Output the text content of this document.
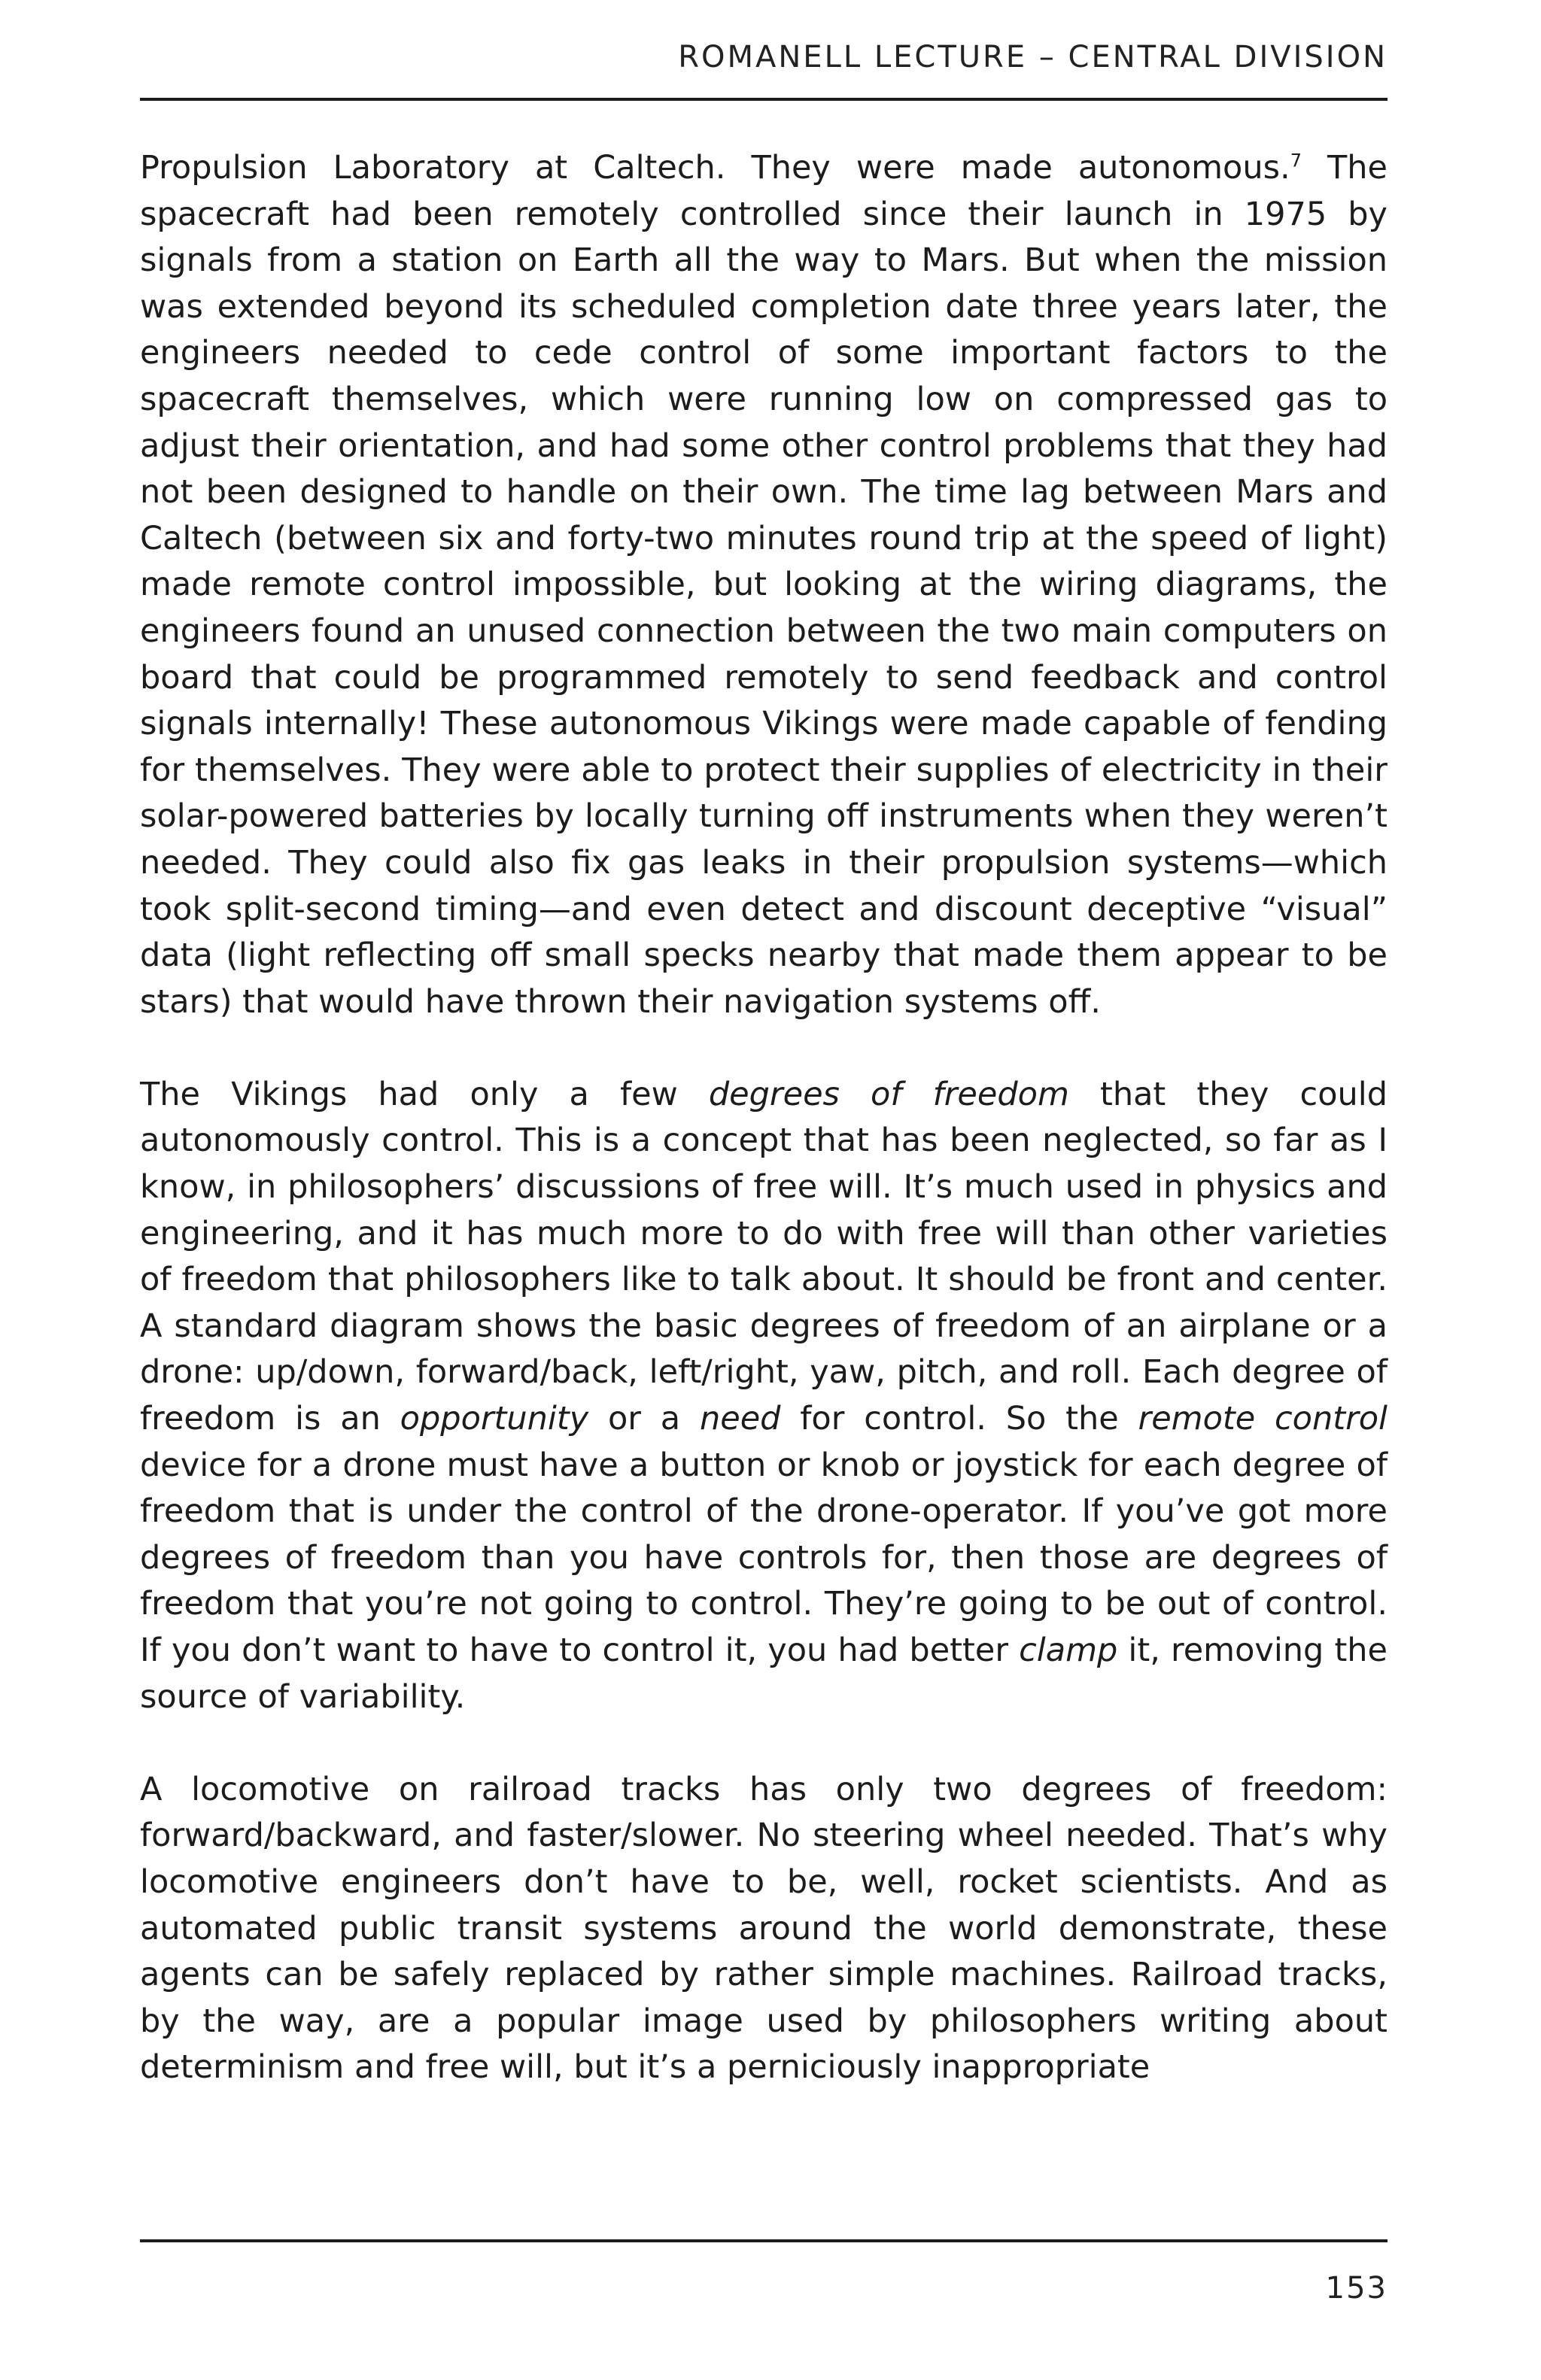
ROMANELL LECTURE – CENTRAL DIVISION

Propulsion Laboratory at Caltech. They were made autonomous.$^7$ The spacecraft had been remotely controlled since their launch in 1975 by signals from a station on Earth all the way to Mars. But when the mission was extended beyond its scheduled completion date three years later, the engineers needed to cede control of some important factors to the spacecraft themselves, which were running low on compressed gas to adjust their orientation, and had some other control problems that they had not been designed to handle on their own. The time lag between Mars and Caltech (between six and forty-two minutes round trip at the speed of light) made remote control impossible, but looking at the wiring diagrams, the engineers found an unused connection between the two main computers on board that could be programmed remotely to send feedback and control signals internally! These autonomous Vikings were made capable of fending for themselves. They were able to protect their supplies of electricity in their solar-powered batteries by locally turning off instruments when they weren’t needed. They could also fix gas leaks in their propulsion systems—which took split-second timing—and even detect and discount deceptive “visual” data (light reflecting off small specks nearby that made them appear to be stars) that would have thrown their navigation systems off.

The Vikings had only a few degrees of freedom that they could autonomously control. This is a concept that has been neglected, so far as I know, in philosophers’ discussions of free will. It’s much used in physics and engineering, and it has much more to do with free will than other varieties of freedom that philosophers like to talk about. It should be front and center. A standard diagram shows the basic degrees of freedom of an airplane or a drone: up/down, forward/back, left/right, yaw, pitch, and roll. Each degree of freedom is an opportunity or a need for control. So the remote control device for a drone must have a button or knob or joystick for each degree of freedom that is under the control of the drone-operator. If you’ve got more degrees of freedom than you have controls for, then those are degrees of freedom that you’re not going to control. They’re going to be out of control. If you don’t want to have to control it, you had better clamp it, removing the source of variability.

A locomotive on railroad tracks has only two degrees of freedom: forward/backward, and faster/slower. No steering wheel needed. That’s why locomotive engineers don’t have to be, well, rocket scientists. And as automated public transit systems around the world demonstrate, these agents can be safely replaced by rather simple machines. Railroad tracks, by the way, are a popular image used by philosophers writing about determinism and free will, but it’s a perniciously inappropriate

153
